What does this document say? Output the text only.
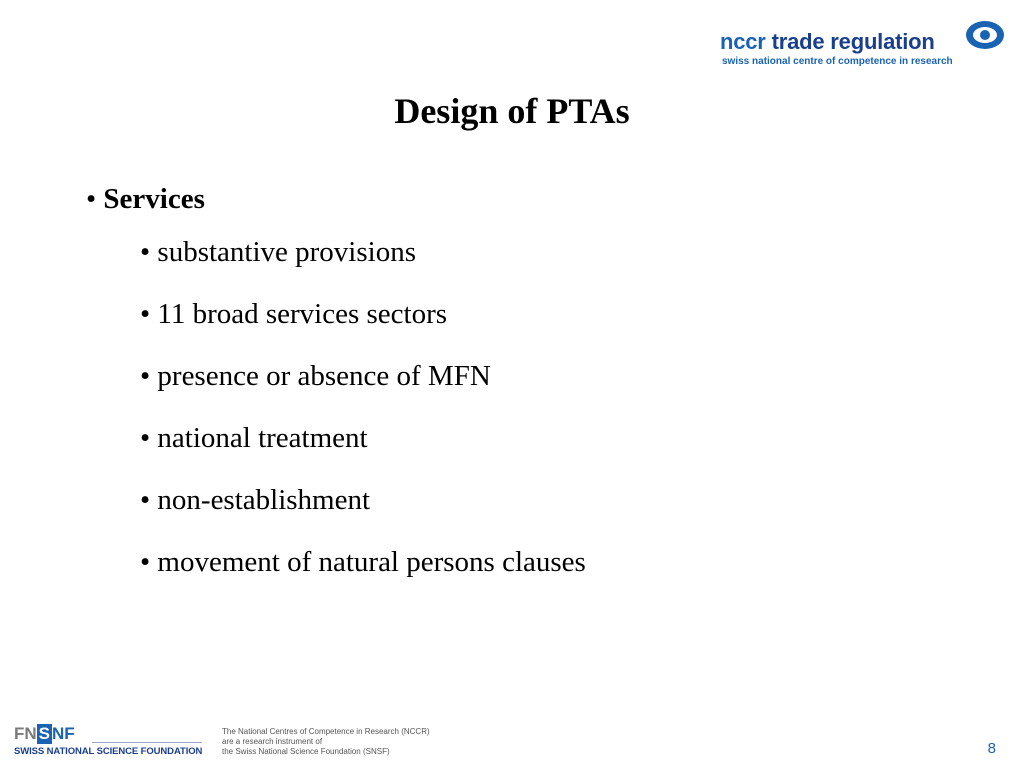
nccr trade regulation
swiss national centre of competence in research
Design of PTAs
• Services
• substantive provisions
• 11 broad services sectors
• presence or absence of MFN
• national treatment
• non-establishment
• movement of natural persons clauses
FN S NF
SWISS NATIONAL SCIENCE FOUNDATION
The National Centres of Competence in Research (NCCR)
are a research instrument of
the Swiss National Science Foundation (SNSF)	8
